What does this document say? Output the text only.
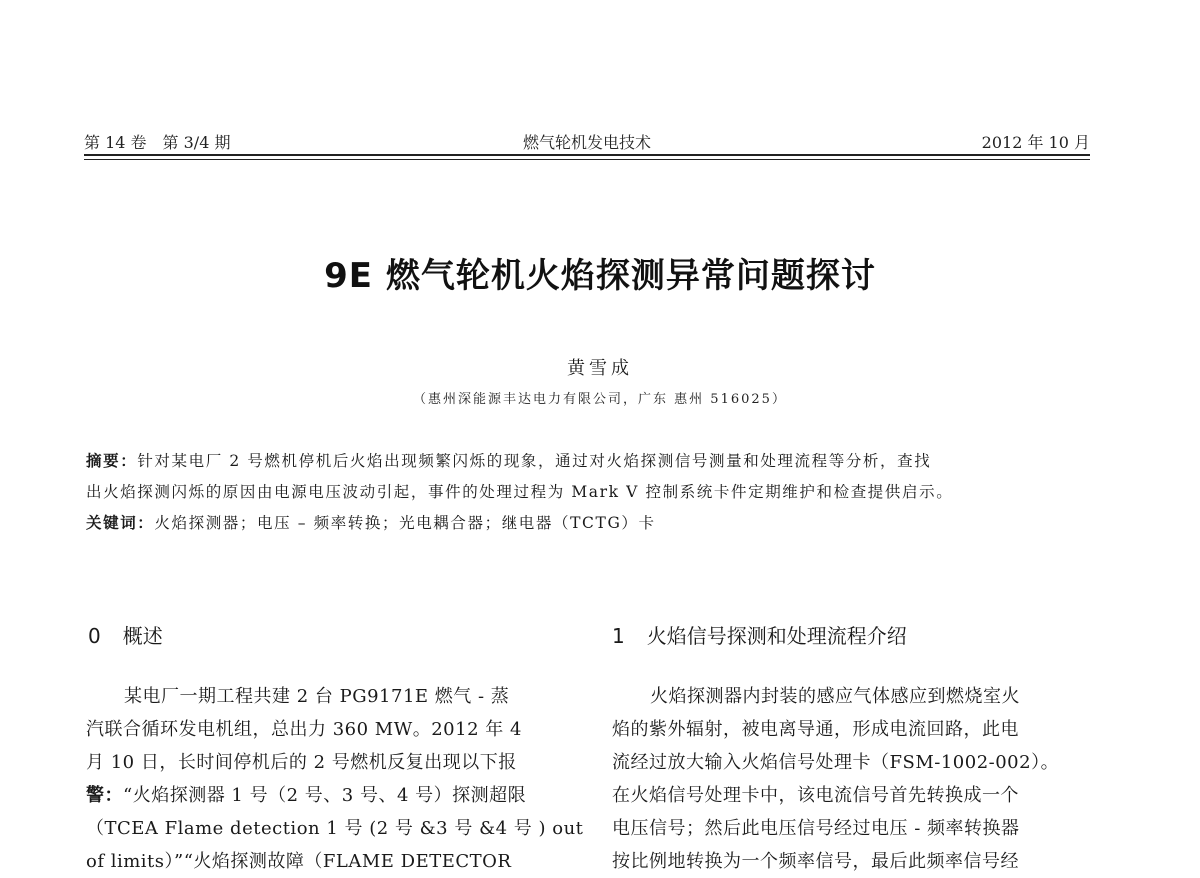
第 14 卷　第 3/4 期	燃气轮机发电技术	2012 年 10 月
9E 燃气轮机火焰探测异常问题探讨
黄雪成
（惠州深能源丰达电力有限公司，广东 惠州 516025）
摘要：针对某电厂 2 号燃机停机后火焰出现频繁闪烁的现象，通过对火焰探测信号测量和处理流程等分析，查找
出火焰探测闪烁的原因由电源电压波动引起，事件的处理过程为 Mark V 控制系统卡件定期维护和检查提供启示。
关键词：火焰探测器；电压 – 频率转换；光电耦合器；继电器（TCTG）卡
0 概述	1 火焰信号探测和处理流程介绍
某电厂一期工程共建 2 台 PG9171E 燃气 - 蒸
汽联合循环发电机组，总出力 360 MW。2012 年 4
月 10 日，长时间停机后的 2 号燃机反复出现以下报
警：“火焰探测器 1 号（2 号、3 号、4 号）探测超限
（TCEA Flame detection 1 号 (2 号 &3 号 &4 号 ) out
of limits）”“火焰探测故障（FLAME DETECTOR
火焰探测器内封装的感应气体感应到燃烧室火
焰的紫外辐射，被电离导通，形成电流回路，此电
流经过放大输入火焰信号处理卡（FSM-1002-002）。
在火焰信号处理卡中，该电流信号首先转换成一个
电压信号；然后此电压信号经过电压 - 频率转换器
按比例地转换为一个频率信号，最后此频率信号经
